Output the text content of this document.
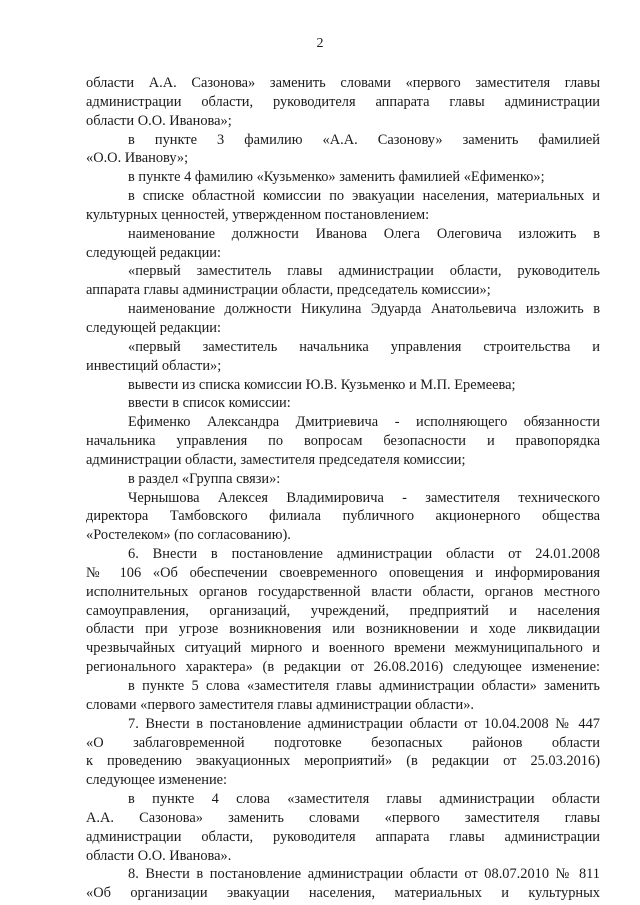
2
области А.А. Сазонова» заменить словами «первого заместителя главы
администрации области, руководителя аппарата главы администрации
области О.О. Иванова»;
в пункте 3 фамилию «А.А. Сазонову» заменить фамилией
«О.О. Иванову»;
в пункте 4 фамилию «Кузьменко» заменить фамилией «Ефименко»;
в списке областной комиссии по эвакуации населения, материальных и
культурных ценностей, утвержденном постановлением:
наименование должности Иванова Олега Олеговича изложить в
следующей редакции:
«первый заместитель главы администрации области, руководитель
аппарата главы администрации области, председатель комиссии»;
наименование должности Никулина Эдуарда Анатольевича изложить в
следующей редакции:
«первый заместитель начальника управления строительства и
инвестиций области»;
вывести из списка комиссии Ю.В. Кузьменко и М.П. Еремеева;
ввести в список комиссии:
Ефименко Александра Дмитриевича - исполняющего обязанности
начальника управления по вопросам безопасности и правопорядка
администрации области, заместителя председателя комиссии;
в раздел «Группа связи»:
Чернышова Алексея Владимировича - заместителя технического
директора Тамбовского филиала публичного акционерного общества
«Ростелеком» (по согласованию).
6. Внести в постановление администрации области от 24.01.2008
№ 106 «Об обеспечении своевременного оповещения и информирования
исполнительных органов государственной власти области, органов местного
самоуправления, организаций, учреждений, предприятий и населения
области при угрозе возникновения или возникновении и ходе ликвидации
чрезвычайных ситуаций мирного и военного времени межмуниципального и
регионального характера» (в редакции от 26.08.2016) следующее изменение:
в пункте 5 слова «заместителя главы администрации области» заменить
словами «первого заместителя главы администрации области».
7. Внести в постановление администрации области от 10.04.2008 № 447
«О заблаговременной подготовке безопасных районов области
к проведению эвакуационных мероприятий» (в редакции от 25.03.2016)
следующее изменение:
в пункте 4 слова «заместителя главы администрации области
А.А. Сазонова» заменить словами «первого заместителя главы
администрации области, руководителя аппарата главы администрации
области О.О. Иванова».
8. Внести в постановление администрации области от 08.07.2010 № 811
«Об организации эвакуации населения, материальных и культурных
